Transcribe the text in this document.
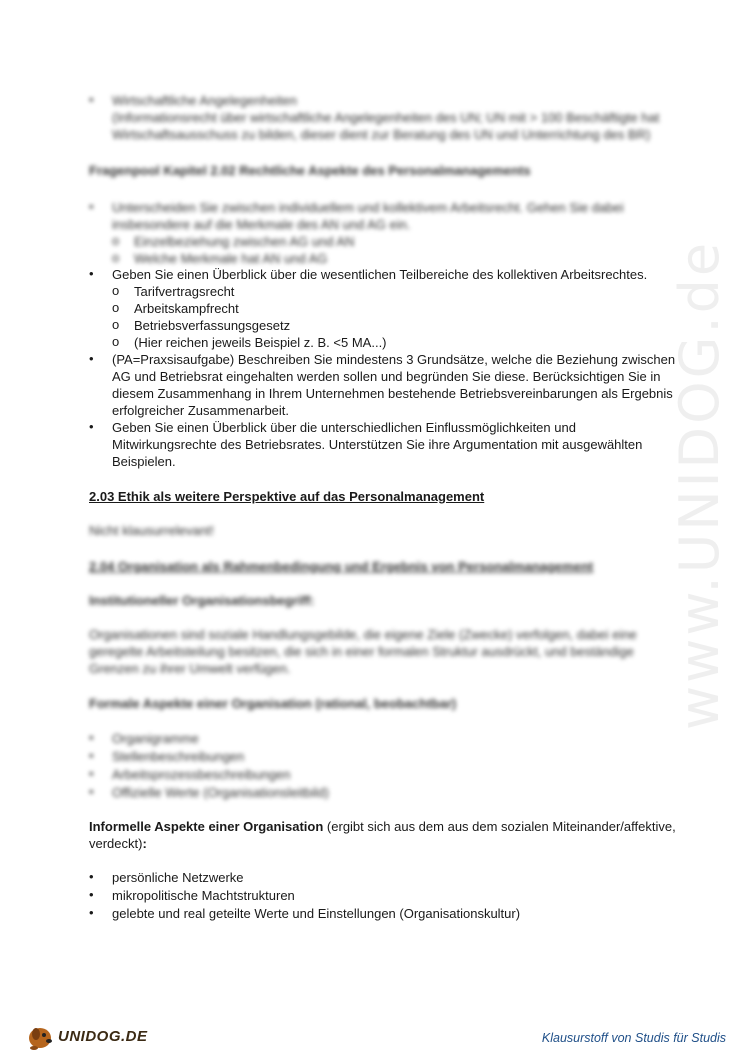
www.UNIDOG.de
•	Wirtschaftliche Angelegenheiten
(Informationsrecht über wirtschaftliche Angelegenheiten des UN; UN mit > 100 Beschäftigte hat
Wirtschaftsausschuss zu bilden, dieser dient zur Beratung des UN und Unterrichtung des BR)
Fragenpool Kapitel 2.02 Rechtliche Aspekte des Personalmanagements
•	Unterscheiden Sie zwischen individuellem und kollektivem Arbeitsrecht. Gehen Sie dabei
insbesondere auf die Merkmale des AN und AG ein.
o Einzelbeziehung zwischen AG und AN
o Welche Merkmale hat AN und AG
•	Geben Sie einen Überblick über die wesentlichen Teilbereiche des kollektiven Arbeitsrechtes.
o Tarifvertragsrecht
o Arbeitskampfrecht
o Betriebsverfassungsgesetz
o (Hier reichen jeweils Beispiel z. B. <5 MA...)
•	(PA=Praxsisaufgabe) Beschreiben Sie mindestens 3 Grundsätze, welche die Beziehung zwischen
AG und Betriebsrat eingehalten werden sollen und begründen Sie diese. Berücksichtigen Sie in
diesem Zusammenhang in Ihrem Unternehmen bestehende Betriebsvereinbarungen als Ergebnis
erfolgreicher Zusammenarbeit.
•	Geben Sie einen Überblick über die unterschiedlichen Einflussmöglichkeiten und
Mitwirkungsrechte des Betriebsrates. Unterstützen Sie ihre Argumentation mit ausgewählten
Beispielen.
2.03 Ethik als weitere Perspektive auf das Personalmanagement
Nicht klausurrelevant!
2.04 Organisation als Rahmenbedingung und Ergebnis von Personalmanagement
Institutioneller Organisationsbegriff:
Organisationen sind soziale Handlungsgebilde, die eigene Ziele (Zwecke) verfolgen, dabei eine
geregelte Arbeitsteilung besitzen, die sich in einer formalen Struktur ausdrückt, und beständige
Grenzen zu ihrer Umwelt verfügen.
Formale Aspekte einer Organisation (rational, beobachtbar)
•	Organigramme
•	Stellenbeschreibungen
•	Arbeitsprozessbeschreibungen
•	Offizielle Werte (Organisationsleitbild)
Informelle Aspekte einer Organisation (ergibt sich aus dem aus dem sozialen Miteinander/affektive,
verdeckt):
•	persönliche Netzwerke
•	mikropolitische Machtstrukturen
•	gelebte und real geteilte Werte und Einstellungen (Organisationskultur)
UNIDOG.DE	Klausurstoff von Studis für Studis
